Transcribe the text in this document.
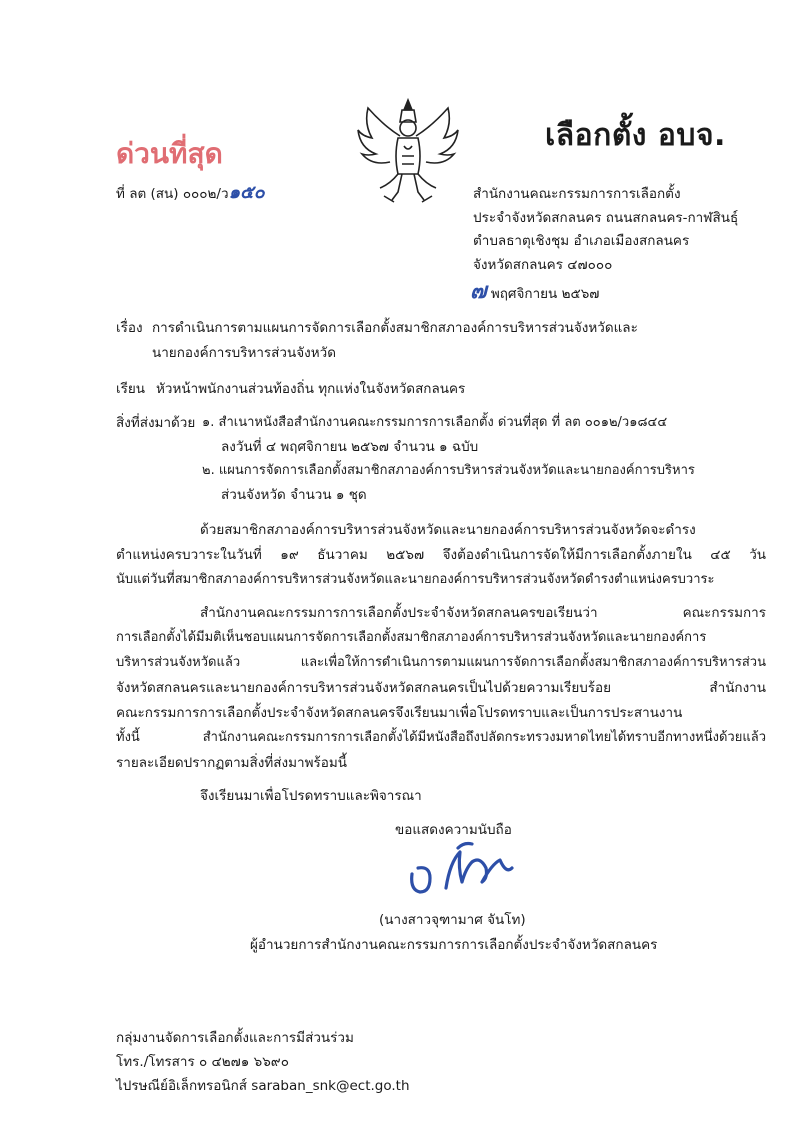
เลือกตั้ง อบจ.
ด่วนที่สุด
ที่ ลต (สน) ๐๐๐๒/ว๑๕๐	สำนักงานคณะกรรมการการเลือกตั้ง
ประจำจังหวัดสกลนคร ถนนสกลนคร-กาฬสินธุ์
ตำบลธาตุเชิงชุม อำเภอเมืองสกลนคร
จังหวัดสกลนคร ๔๗๐๐๐
๗ พฤศจิกายน ๒๕๖๗
เรื่อง การดำเนินการตามแผนการจัดการเลือกตั้งสมาชิกสภาองค์การบริหารส่วนจังหวัดและ
นายกองค์การบริหารส่วนจังหวัด
เรียน หัวหน้าพนักงานส่วนท้องถิ่น ทุกแห่งในจังหวัดสกลนคร
สิ่งที่ส่งมาด้วย ๑. สำเนาหนังสือสำนักงานคณะกรรมการการเลือกตั้ง ด่วนที่สุด ที่ ลต ๐๐๑๒/ว๑๘๔๔
ลงวันที่ ๔ พฤศจิกายน ๒๕๖๗ จำนวน ๑ ฉบับ
๒. แผนการจัดการเลือกตั้งสมาชิกสภาองค์การบริหารส่วนจังหวัดและนายกองค์การบริหาร
ส่วนจังหวัด จำนวน ๑ ชุด
ด้วยสมาชิกสภาองค์การบริหารส่วนจังหวัดและนายกองค์การบริหารส่วนจังหวัดจะดำรง
ตำแหน่งครบวาระในวันที่ ๑๙ ธันวาคม ๒๕๖๗ จึงต้องดำเนินการจัดให้มีการเลือกตั้งภายใน ๔๕ วัน
นับแต่วันที่สมาชิกสภาองค์การบริหารส่วนจังหวัดและนายกองค์การบริหารส่วนจังหวัดดำรงตำแหน่งครบวาระ
สำนักงานคณะกรรมการการเลือกตั้งประจำจังหวัดสกลนครขอเรียนว่า คณะกรรมการ
การเลือกตั้งได้มีมติเห็นชอบแผนการจัดการเลือกตั้งสมาชิกสภาองค์การบริหารส่วนจังหวัดและนายกองค์การ
บริหารส่วนจังหวัดแล้ว และเพื่อให้การดำเนินการตามแผนการจัดการเลือกตั้งสมาชิกสภาองค์การบริหารส่วน
จังหวัดสกลนครและนายกองค์การบริหารส่วนจังหวัดสกลนครเป็นไปด้วยความเรียบร้อย สำนักงาน
คณะกรรมการการเลือกตั้งประจำจังหวัดสกลนครจึงเรียนมาเพื่อโปรดทราบและเป็นการประสานงาน
ทั้งนี้ สำนักงานคณะกรรมการการเลือกตั้งได้มีหนังสือถึงปลัดกระทรวงมหาดไทยได้ทราบอีกทางหนึ่งด้วยแล้ว
รายละเอียดปรากฏตามสิ่งที่ส่งมาพร้อมนี้
จึงเรียนมาเพื่อโปรดทราบและพิจารณา
ขอแสดงความนับถือ
(นางสาวจุฑามาศ จันโท)
ผู้อำนวยการสำนักงานคณะกรรมการการเลือกตั้งประจำจังหวัดสกลนคร
กลุ่มงานจัดการเลือกตั้งและการมีส่วนร่วม
โทร./โทรสาร ๐ ๔๒๗๑ ๖๖๙๐
ไปรษณีย์อิเล็กทรอนิกส์ saraban_snk@ect.go.th
